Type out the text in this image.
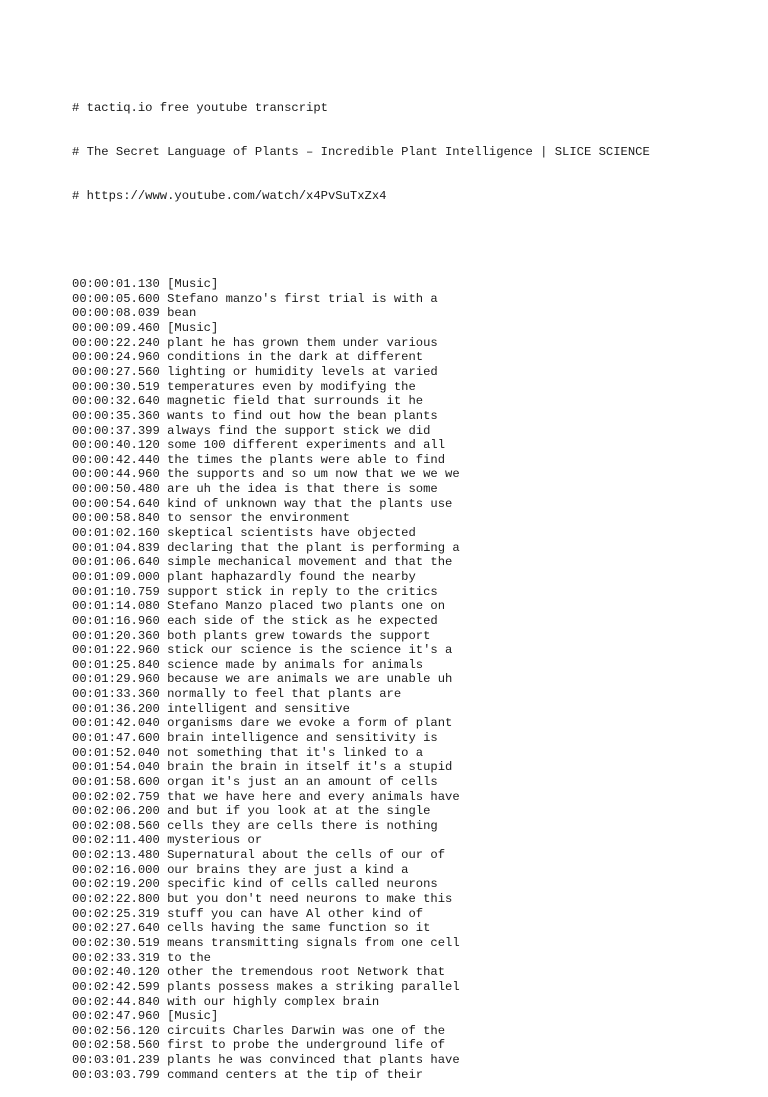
# tactiq.io free youtube transcript

# The Secret Language of Plants – Incredible Plant Intelligence | SLICE SCIENCE

# https://www.youtube.com/watch/x4PvSuTxZx4

00:00:01.130 [Music]
00:00:05.600 Stefano manzo's first trial is with a
00:00:08.039 bean
00:00:09.460 [Music]
00:00:22.240 plant he has grown them under various
00:00:24.960 conditions in the dark at different
00:00:27.560 lighting or humidity levels at varied
00:00:30.519 temperatures even by modifying the
00:00:32.640 magnetic field that surrounds it he
00:00:35.360 wants to find out how the bean plants
00:00:37.399 always find the support stick we did
00:00:40.120 some 100 different experiments and all
00:00:42.440 the times the plants were able to find
00:00:44.960 the supports and so um now that we we we
00:00:50.480 are uh the idea is that there is some
00:00:54.640 kind of unknown way that the plants use
00:00:58.840 to sensor the environment
00:01:02.160 skeptical scientists have objected
00:01:04.839 declaring that the plant is performing a
00:01:06.640 simple mechanical movement and that the
00:01:09.000 plant haphazardly found the nearby
00:01:10.759 support stick in reply to the critics
00:01:14.080 Stefano Manzo placed two plants one on
00:01:16.960 each side of the stick as he expected
00:01:20.360 both plants grew towards the support
00:01:22.960 stick our science is the science it's a
00:01:25.840 science made by animals for animals
00:01:29.960 because we are animals we are unable uh
00:01:33.360 normally to feel that plants are
00:01:36.200 intelligent and sensitive
00:01:42.040 organisms dare we evoke a form of plant
00:01:47.600 brain intelligence and sensitivity is
00:01:52.040 not something that it's linked to a
00:01:54.040 brain the brain in itself it's a stupid
00:01:58.600 organ it's just an an amount of cells
00:02:02.759 that we have here and every animals have
00:02:06.200 and but if you look at at the single
00:02:08.560 cells they are cells there is nothing
00:02:11.400 mysterious or
00:02:13.480 Supernatural about the cells of our of
00:02:16.000 our brains they are just a kind a
00:02:19.200 specific kind of cells called neurons
00:02:22.800 but you don't need neurons to make this
00:02:25.319 stuff you can have Al other kind of
00:02:27.640 cells having the same function so it
00:02:30.519 means transmitting signals from one cell
00:02:33.319 to the
00:02:40.120 other the tremendous root Network that
00:02:42.599 plants possess makes a striking parallel
00:02:44.840 with our highly complex brain
00:02:47.960 [Music]
00:02:56.120 circuits Charles Darwin was one of the
00:02:58.560 first to probe the underground life of
00:03:01.239 plants he was convinced that plants have
00:03:03.799 command centers at the tip of their
